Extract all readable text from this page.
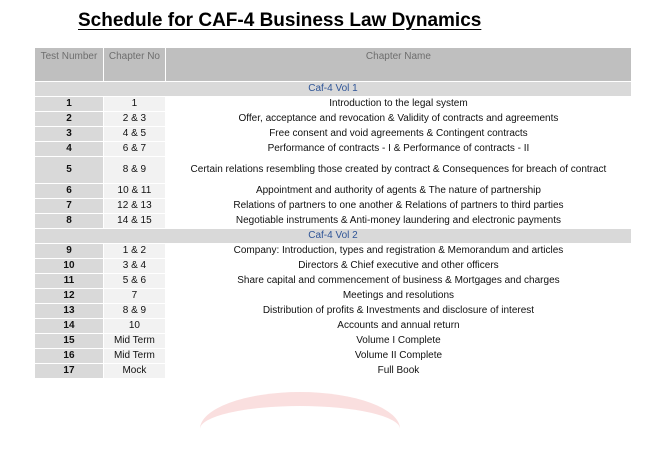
Schedule for CAF-4 Business Law Dynamics
Test Number	Chapter No	Chapter Name
Caf-4 Vol 1		
1	1	Introduction to the legal system
2	2 & 3	Offer, acceptance and revocation & Validity of contracts and agreements
3	4 & 5	Free consent and void agreements & Contingent contracts
4	6 & 7	Performance of contracts - I & Performance of contracts - II
5	8 & 9	Certain relations resembling those created by contract & Consequences for breach of contract
6	10 & 11	Appointment and authority of agents & The nature of partnership
7	12 & 13	Relations of partners to one another & Relations of partners to third parties
8	14 & 15	Negotiable instruments & Anti-money laundering and electronic payments
Caf-4 Vol 2		
9	1 & 2	Company: Introduction, types and registration & Memorandum and articles
10	3 & 4	Directors & Chief executive and other officers
11	5 & 6	Share capital and commencement of business & Mortgages and charges
12	7	Meetings and resolutions
13	8 & 9	Distribution of profits & Investments and disclosure of interest
14	10	Accounts and annual return
15	Mid Term	Volume I Complete
16	Mid Term	Volume II Complete
17	Mock	Full Book
